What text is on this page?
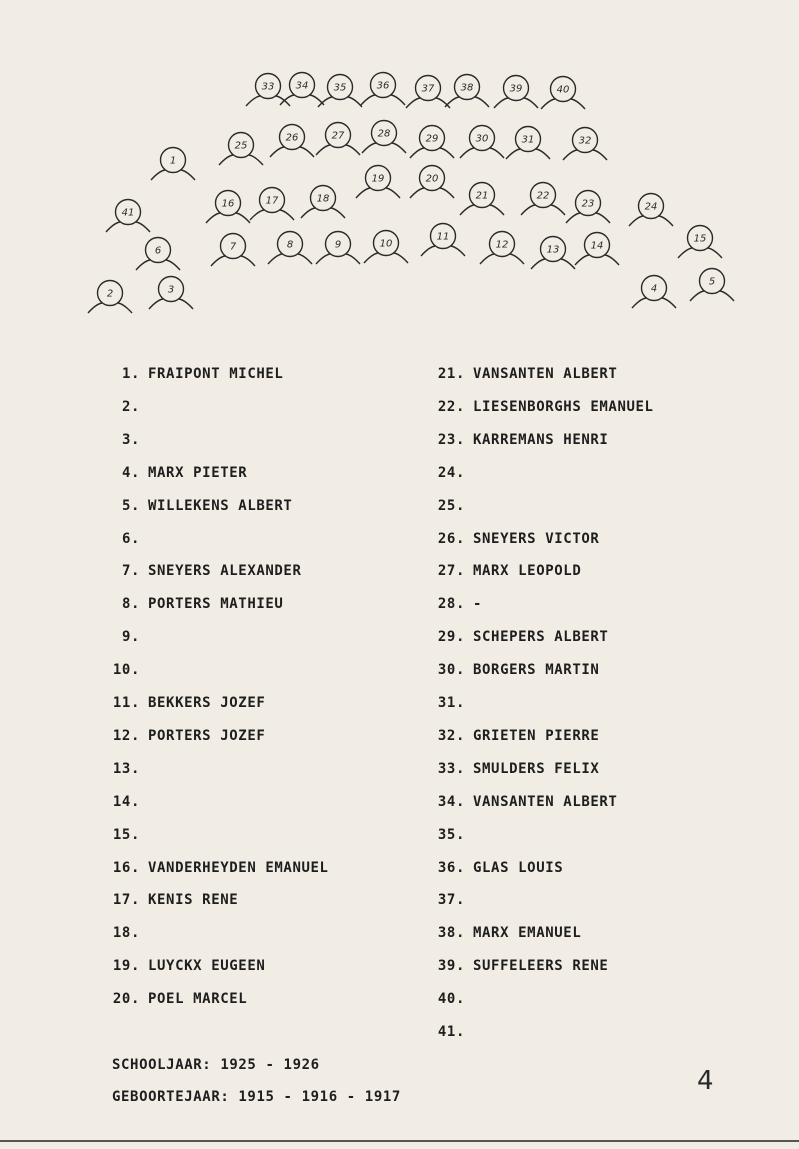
33 34	35	36	37	38	39	40
25
26	27	28	29	30	31	32
1
19	20
41
16	17	18	21	22
23	24
6	7	8	9	10
11
12	13	14
15
2	3	4
5
1. FRAIPONT MICHEL
2.
3.
4. MARX PIETER
5. WILLEKENS ALBERT
6.
7. SNEYERS ALEXANDER
8. PORTERS MATHIEU
9.
10.
11. BEKKERS JOZEF
12. PORTERS JOZEF
13.
14.
15.
16. VANDERHEYDEN EMANUEL
17. KENIS RENE
18.
19. LUYCKX EUGEEN
20. POEL MARCEL
21. VANSANTEN ALBERT
22. LIESENBORGHS EMANUEL
23. KARREMANS HENRI
24.
25.
26. SNEYERS VICTOR
27. MARX LEOPOLD
28. -
29. SCHEPERS ALBERT
30. BORGERS MARTIN
31.
32. GRIETEN PIERRE
33. SMULDERS FELIX
34. VANSANTEN ALBERT
35.
36. GLAS LOUIS
37.
38. MARX EMANUEL
39. SUFFELEERS RENE
40.
41.
SCHOOLJAAR: 1925 - 1926
GEBOORTEJAAR: 1915 - 1916 - 1917
4
